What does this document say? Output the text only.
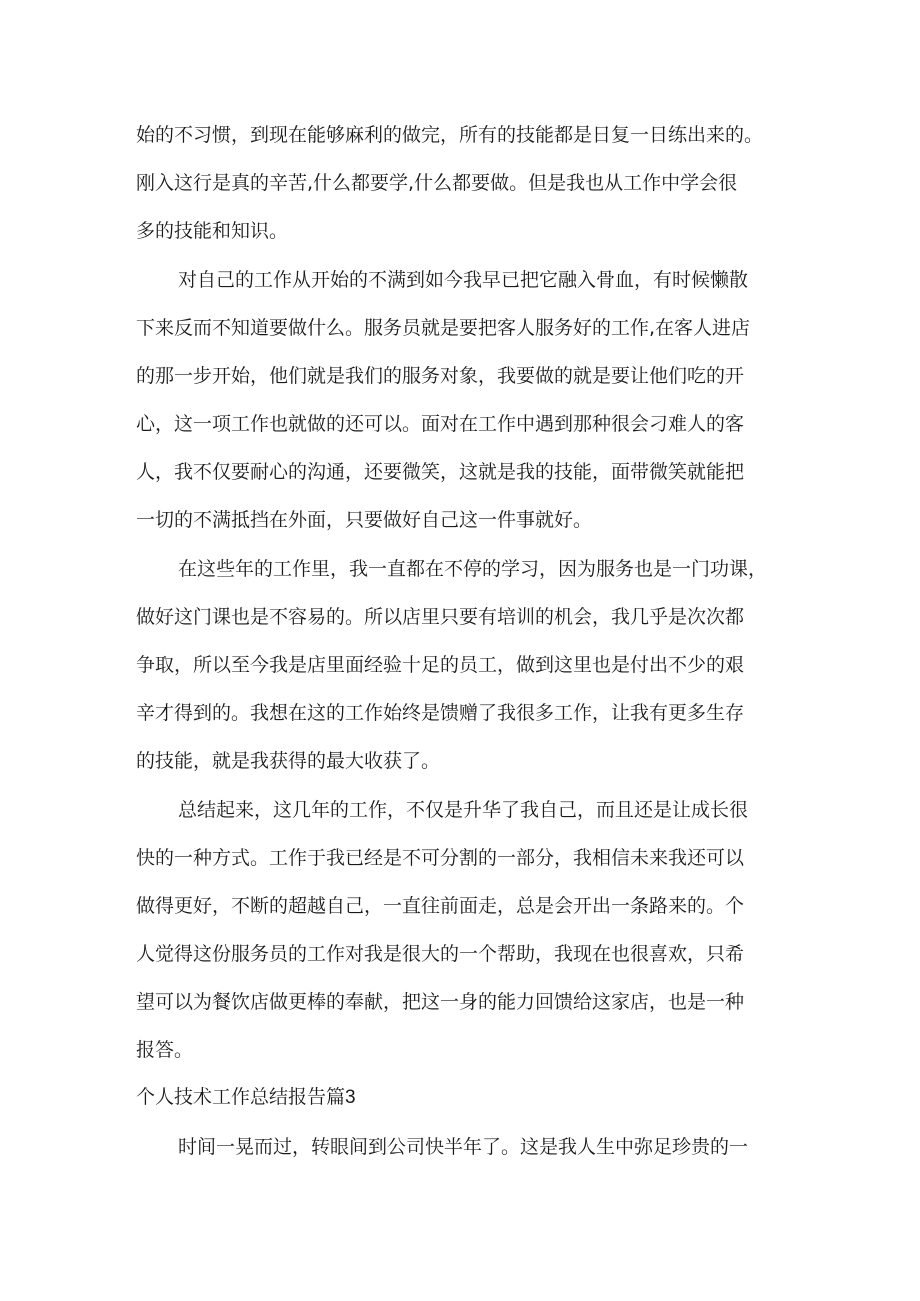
始的不习惯，到现在能够麻利的做完，所有的技能都是日复一日练出来的。
刚入这行是真的辛苦,什么都要学,什么都要做。但是我也从工作中学会很
多的技能和知识。
对自己的工作从开始的不满到如今我早已把它融入骨血，有时候懒散
下来反而不知道要做什么。服务员就是要把客人服务好的工作,在客人进店
的那一步开始，他们就是我们的服务对象，我要做的就是要让他们吃的开
心，这一项工作也就做的还可以。面对在工作中遇到那种很会刁难人的客
人，我不仅要耐心的沟通，还要微笑，这就是我的技能，面带微笑就能把
一切的不满抵挡在外面，只要做好自己这一件事就好。
在这些年的工作里，我一直都在不停的学习，因为服务也是一门功课，
做好这门课也是不容易的。所以店里只要有培训的机会，我几乎是次次都
争取，所以至今我是店里面经验十足的员工，做到这里也是付出不少的艰
辛才得到的。我想在这的工作始终是馈赠了我很多工作，让我有更多生存
的技能，就是我获得的最大收获了。
总结起来，这几年的工作，不仅是升华了我自己，而且还是让成长很
快的一种方式。工作于我已经是不可分割的一部分，我相信未来我还可以
做得更好，不断的超越自己，一直往前面走，总是会开出一条路来的。个
人觉得这份服务员的工作对我是很大的一个帮助，我现在也很喜欢，只希
望可以为餐饮店做更棒的奉献，把这一身的能力回馈给这家店，也是一种
报答。
个人技术工作总结报告篇3
时间一晃而过，转眼间到公司快半年了。这是我人生中弥足珍贵的一
